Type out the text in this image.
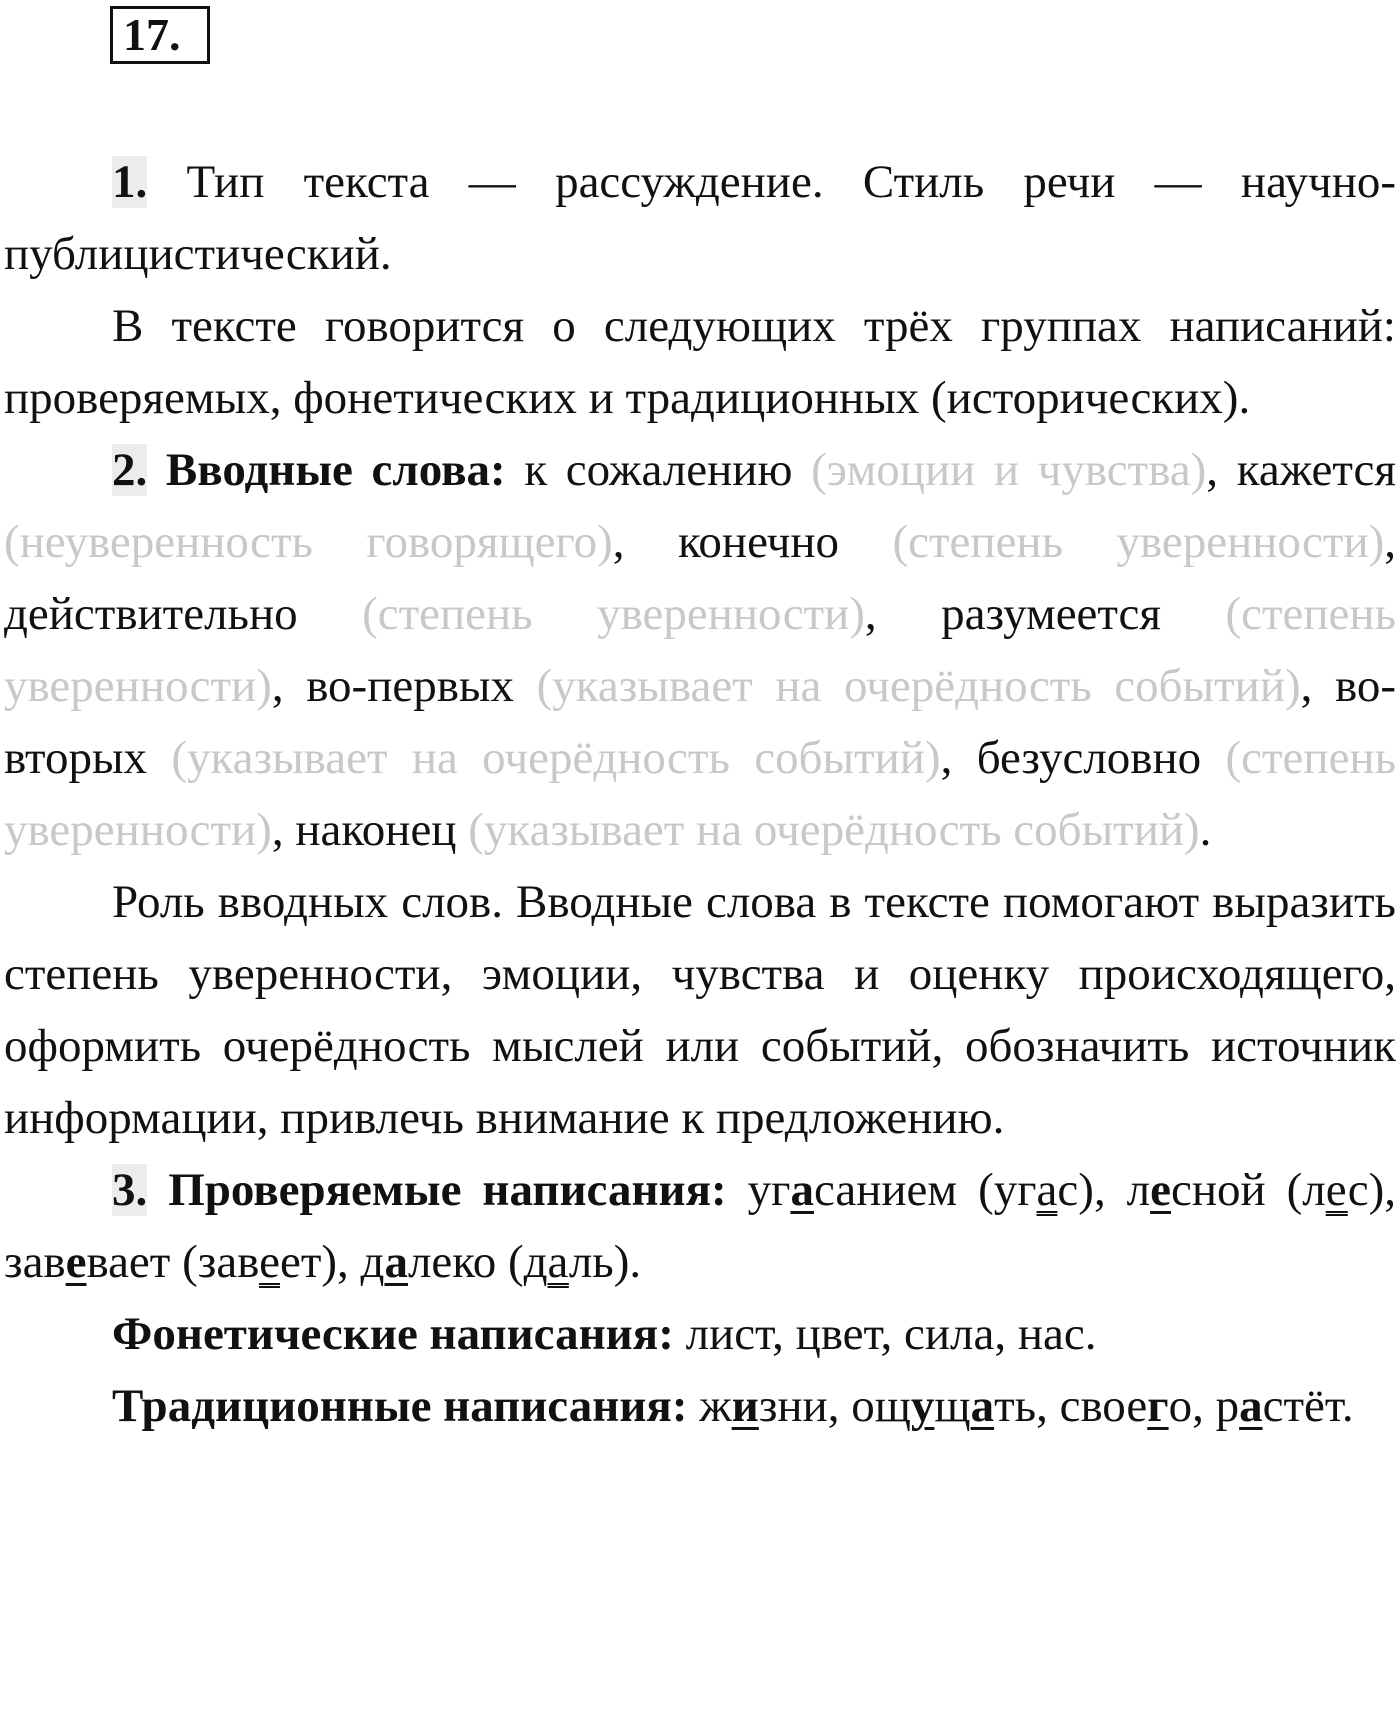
17.

1. Тип текста — рассуждение. Стиль речи — научно-публицистический.

В тексте говорится о следующих трёх группах написаний: проверяемых, фонетических и традиционных (исторических).

2. Вводные слова: к сожалению (эмоции и чувства), кажется (неуверенность говорящего), конечно (степень уверенности), действительно (степень уверенности), разумеется (степень уверенности), во-первых (указывает на очерёдность событий), во-вторых (указывает на очерёдность событий), безусловно (степень уверенности), наконец (указывает на очерёдность событий).

Роль вводных слов. Вводные слова в тексте помогают выразить степень уверенности, эмоции, чувства и оценку происходящего, оформить очерёдность мыслей или событий, обозначить источник информации, привлечь внимание к предложению.

3. Проверяемые написания: угасанием (угас), лесной (лес), завевает (завеет), далеко (даль).

Фонетические написания: лист, цвет, сила, нас.

Традиционные написания: жизни, ощущать, своего, растёт.
